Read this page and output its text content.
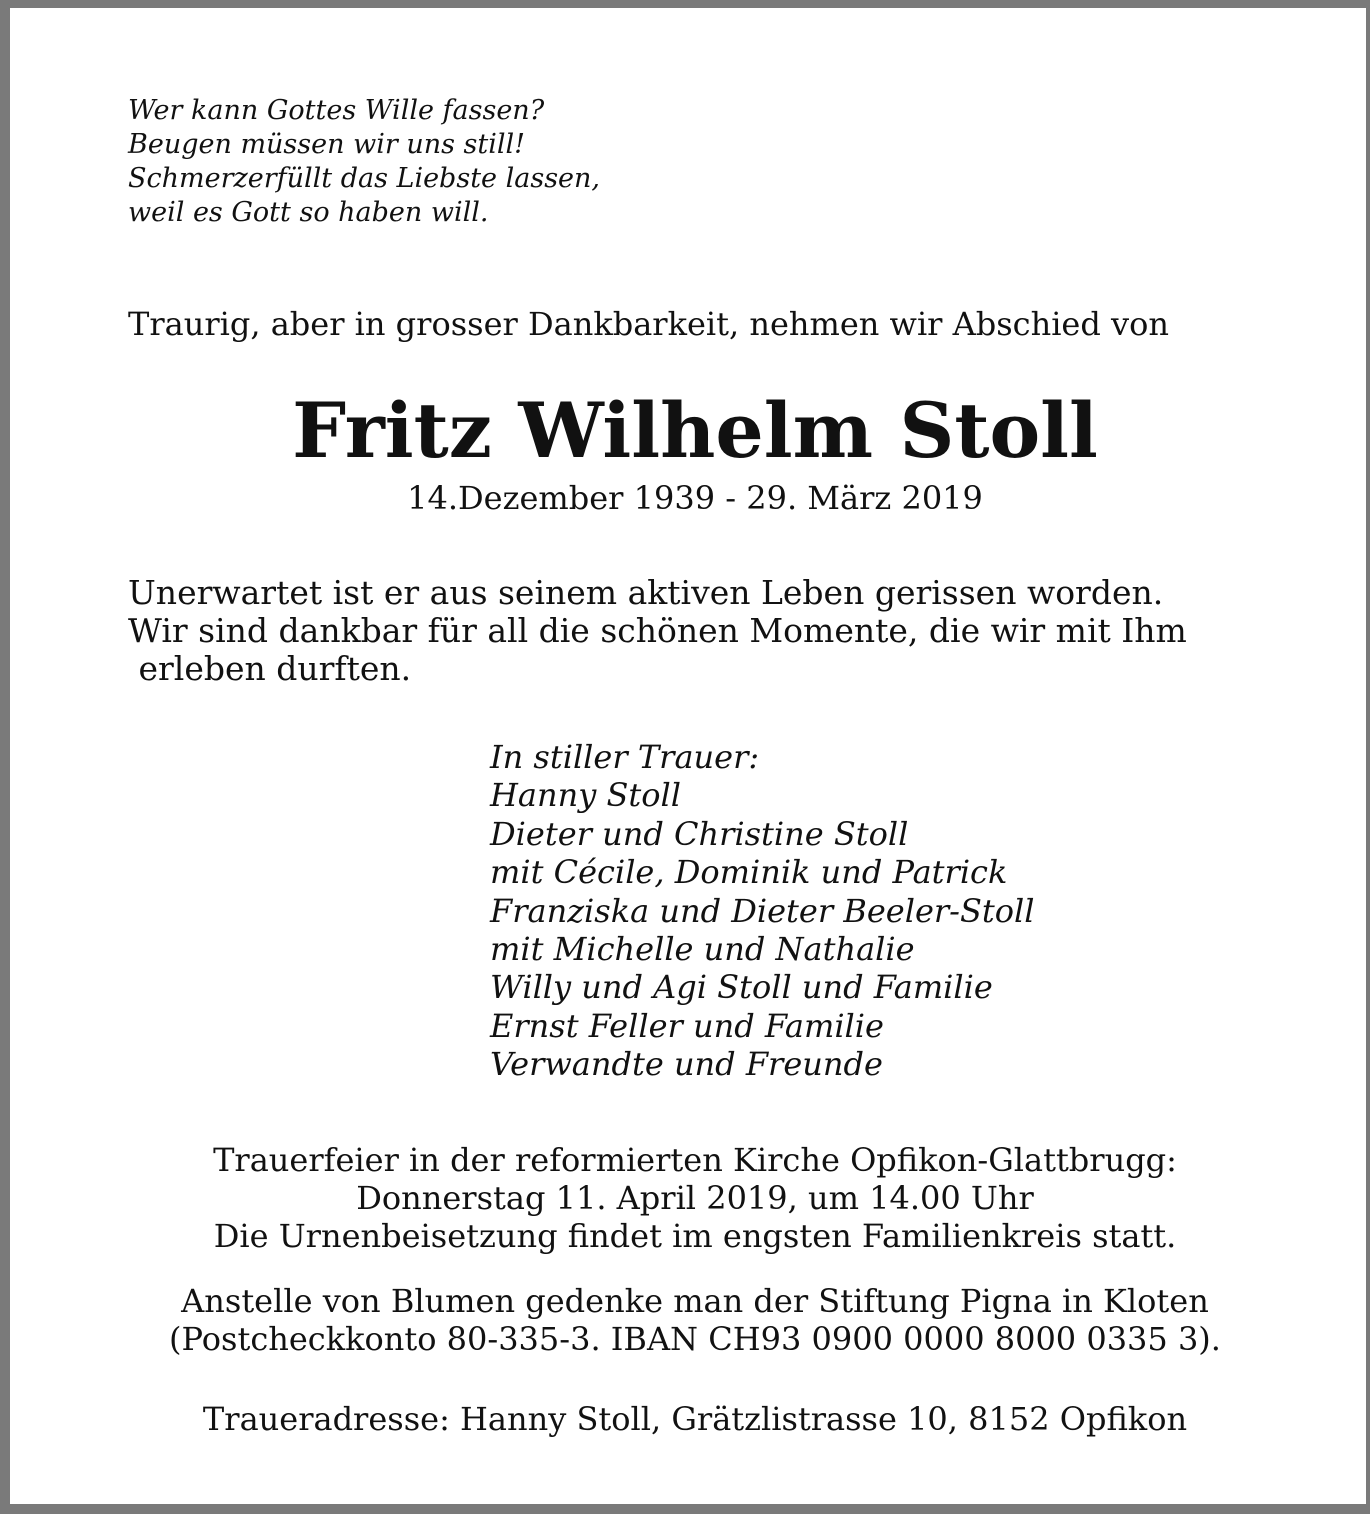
Wer kann Gottes Wille fassen?
Beugen müssen wir uns still!
Schmerzerfüllt das Liebste lassen,
weil es Gott so haben will.
Traurig, aber in grosser Dankbarkeit, nehmen wir Abschied von
Fritz Wilhelm Stoll
14.Dezember 1939 - 29. März 2019
Unerwartet ist er aus seinem aktiven Leben gerissen worden.
Wir sind dankbar für all die schönen Momente, die wir mit Ihm
erleben durften.
In stiller Trauer:
Hanny Stoll
Dieter und Christine Stoll
mit Cécile, Dominik und Patrick
Franziska und Dieter Beeler-Stoll
mit Michelle und Nathalie
Willy und Agi Stoll und Familie
Ernst Feller und Familie
Verwandte und Freunde
Trauerfeier in der reformierten Kirche Opfikon-Glattbrugg:
Donnerstag 11. April 2019, um 14.00 Uhr
Die Urnenbeisetzung findet im engsten Familienkreis statt.
Anstelle von Blumen gedenke man der Stiftung Pigna in Kloten
(Postcheckkonto 80-335-3. IBAN CH93 0900 0000 8000 0335 3).
Traueradresse: Hanny Stoll, Grätzlistrasse 10, 8152 Opfikon
